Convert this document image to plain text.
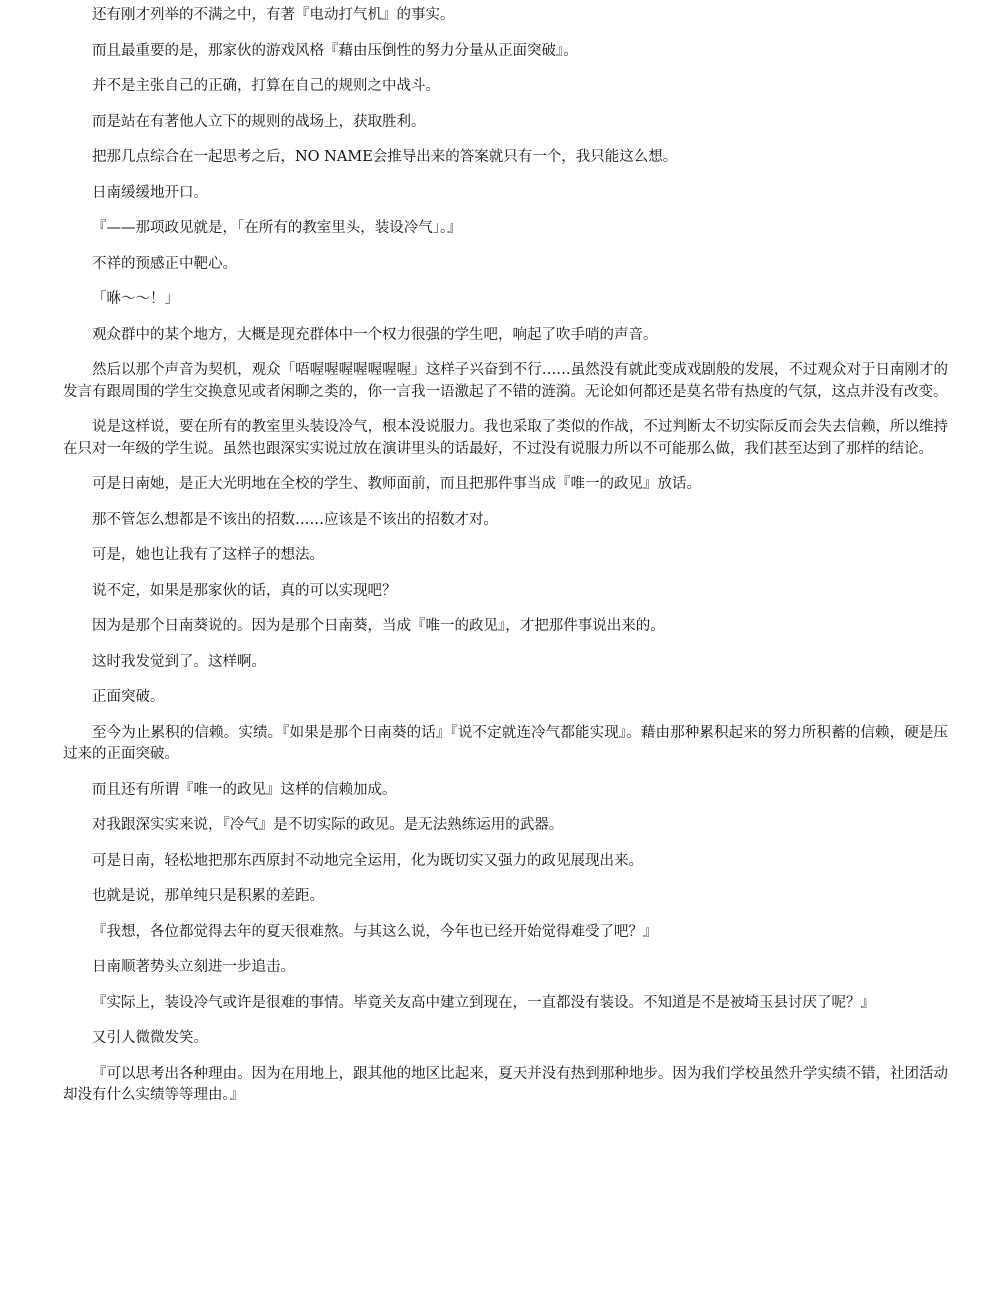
还有刚才列举的不满之中，有著『电动打气机』的事实。

而且最重要的是，那家伙的游戏风格『藉由压倒性的努力分量从正面突破』。

并不是主张自己的正确，打算在自己的规则之中战斗。

而是站在有著他人立下的规则的战场上，获取胜利。

把那几点综合在一起思考之后，NO NAME会推导出来的答案就只有一个，我只能这么想。

日南缓缓地开口。

『——那项政见就是，「在所有的教室里头，装设冷气」。』

不祥的预感正中靶心。

「咻～～！」

观众群中的某个地方，大概是现充群体中一个权力很强的学生吧，响起了吹手哨的声音。

然后以那个声音为契机，观众「唔喔喔喔喔喔喔喔」这样子兴奋到不行……虽然没有就此变成戏剧般的发展，不过观众对于日南刚才的发言有跟周围的学生交换意见或者闲聊之类的，你一言我一语激起了不错的涟漪。无论如何都还是莫名带有热度的气氛，这点并没有改变。

说是这样说，要在所有的教室里头装设冷气，根本没说服力。我也采取了类似的作战，不过判断太不切实际反而会失去信赖，所以维持在只对一年级的学生说。虽然也跟深实实说过放在演讲里头的话最好，不过没有说服力所以不可能那么做，我们甚至达到了那样的结论。

可是日南她，是正大光明地在全校的学生、教师面前，而且把那件事当成『唯一的政见』放话。

那不管怎么想都是不该出的招数……应该是不该出的招数才对。

可是，她也让我有了这样子的想法。

说不定，如果是那家伙的话，真的可以实现吧？

因为是那个日南葵说的。因为是那个日南葵，当成『唯一的政见』，才把那件事说出来的。

这时我发觉到了。这样啊。

正面突破。

至今为止累积的信赖。实绩。『如果是那个日南葵的话』『说不定就连冷气都能实现』。藉由那种累积起来的努力所积蓄的信赖，硬是压过来的正面突破。

而且还有所谓『唯一的政见』这样的信赖加成。

对我跟深实实来说，『冷气』是不切实际的政见。是无法熟练运用的武器。

可是日南，轻松地把那东西原封不动地完全运用，化为既切实又强力的政见展现出来。

也就是说，那单纯只是积累的差距。

『我想，各位都觉得去年的夏天很难熬。与其这么说，今年也已经开始觉得难受了吧？』

日南顺著势头立刻进一步追击。

『实际上，装设冷气或许是很难的事情。毕竟关友高中建立到现在，一直都没有装设。不知道是不是被埼玉县讨厌了呢？』

又引人微微发笑。

『可以思考出各种理由。因为在用地上，跟其他的地区比起来，夏天并没有热到那种地步。因为我们学校虽然升学实绩不错，社团活动却没有什么实绩等等理由。』
